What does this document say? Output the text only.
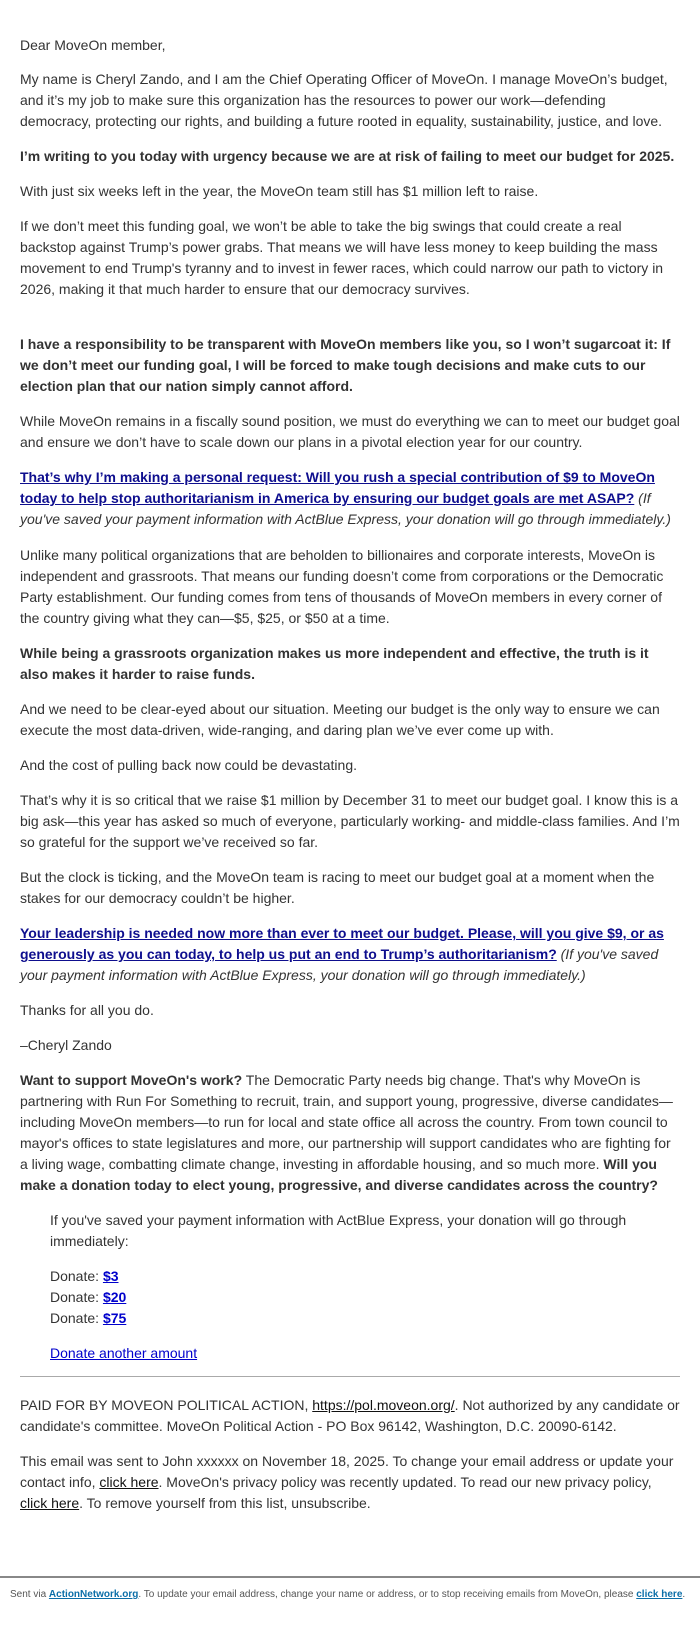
Dear MoveOn member,

My name is Cheryl Zando, and I am the Chief Operating Officer of MoveOn. I manage MoveOn’s budget, and it’s my job to make sure this organization has the resources to power our work—defending democracy, protecting our rights, and building a future rooted in equality, sustainability, justice, and love.

I’m writing to you today with urgency because we are at risk of failing to meet our budget for 2025.

With just six weeks left in the year, the MoveOn team still has $1 million left to raise.

If we don’t meet this funding goal, we won’t be able to take the big swings that could create a real backstop against Trump’s power grabs. That means we will have less money to keep building the mass movement to end Trump's tyranny and to invest in fewer races, which could narrow our path to victory in 2026, making it that much harder to ensure that our democracy survives.

I have a responsibility to be transparent with MoveOn members like you, so I won’t sugarcoat it: If we don’t meet our funding goal, I will be forced to make tough decisions and make cuts to our election plan that our nation simply cannot afford.

While MoveOn remains in a fiscally sound position, we must do everything we can to meet our budget goal and ensure we don’t have to scale down our plans in a pivotal election year for our country.

That’s why I’m making a personal request: Will you rush a special contribution of $9 to MoveOn today to help stop authoritarianism in America by ensuring our budget goals are met ASAP? (If you've saved your payment information with ActBlue Express, your donation will go through immediately.)

Unlike many political organizations that are beholden to billionaires and corporate interests, MoveOn is independent and grassroots. That means our funding doesn’t come from corporations or the Democratic Party establishment. Our funding comes from tens of thousands of MoveOn members in every corner of the country giving what they can—$5, $25, or $50 at a time.

While being a grassroots organization makes us more independent and effective, the truth is it also makes it harder to raise funds.

And we need to be clear-eyed about our situation. Meeting our budget is the only way to ensure we can execute the most data-driven, wide-ranging, and daring plan we’ve ever come up with.

And the cost of pulling back now could be devastating.

That’s why it is so critical that we raise $1 million by December 31 to meet our budget goal. I know this is a big ask—this year has asked so much of everyone, particularly working- and middle-class families. And I’m so grateful for the support we’ve received so far.

But the clock is ticking, and the MoveOn team is racing to meet our budget goal at a moment when the stakes for our democracy couldn’t be higher.

Your leadership is needed now more than ever to meet our budget. Please, will you give $9, or as generously as you can today, to help us put an end to Trump’s authoritarianism? (If you've saved your payment information with ActBlue Express, your donation will go through immediately.)

Thanks for all you do.

–Cheryl Zando

Want to support MoveOn's work? The Democratic Party needs big change. That's why MoveOn is partnering with Run For Something to recruit, train, and support young, progressive, diverse candidates—including MoveOn members—to run for local and state office all across the country. From town council to mayor's offices to state legislatures and more, our partnership will support candidates who are fighting for a living wage, combatting climate change, investing in affordable housing, and so much more. Will you make a donation today to elect young, progressive, and diverse candidates across the country?

If you've saved your payment information with ActBlue Express, your donation will go through immediately:

Donate: $3
Donate: $20
Donate: $75

Donate another amount

PAID FOR BY MOVEON POLITICAL ACTION, https://pol.moveon.org/. Not authorized by any candidate or candidate's committee. MoveOn Political Action - PO Box 96142, Washington, D.C. 20090-6142.

This email was sent to John xxxxxx on November 18, 2025. To change your email address or update your contact info, click here. MoveOn's privacy policy was recently updated. To read our new privacy policy, click here. To remove yourself from this list, unsubscribe.

Sent via ActionNetwork.org. To update your email address, change your name or address, or to stop receiving emails from MoveOn, please click here.
